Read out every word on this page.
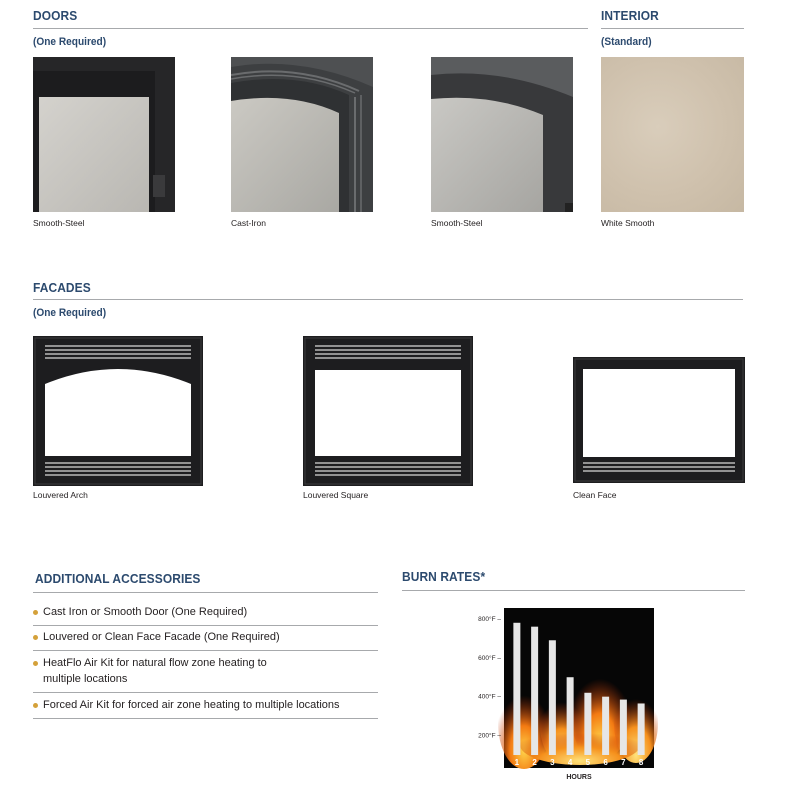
DOORS
(One Required)
Smooth-Steel	Cast-Iron	Smooth-Steel
INTERIOR
(Standard)
White Smooth
FACADES
(One Required)
Louvered Arch	Louvered Square	Clean Face
ADDITIONAL ACCESSORIES
Cast Iron or Smooth Door (One Required)
Louvered or Clean Face Facade (One Required)
HeatFlo Air Kit for natural flow zone heating to
multiple locations
Forced Air Kit for forced air zone heating to multiple locations
BURN RATES*
800°F –
600°F –
400°F –
200°F –
1 2 3 4 5 6 7 8
HOURS
